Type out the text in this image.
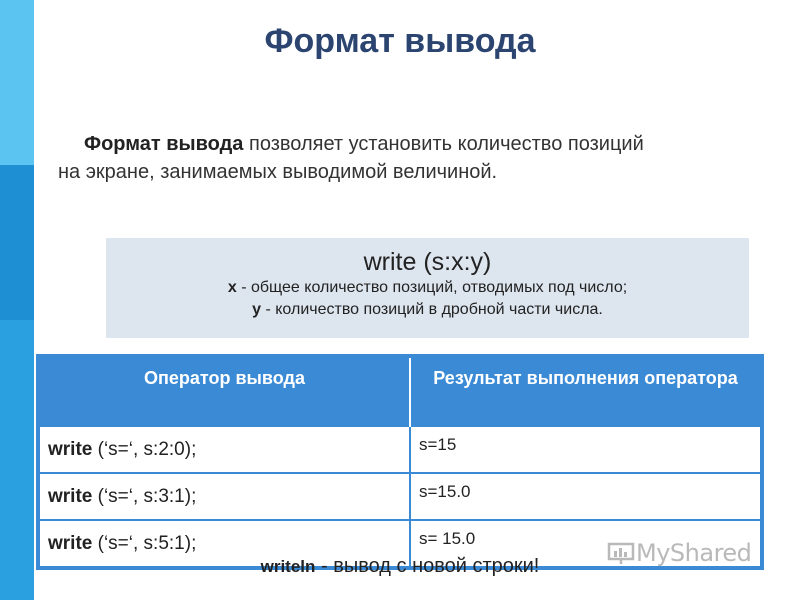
Формат вывода
Формат вывода позволяет установить количество позиций
на экране, занимаемых выводимой величиной.
write (s:x:y)
x - общее количество позиций, отводимых под число;
y - количество позиций в дробной части числа.
Оператор вывода	Результат выполнения оператора
write (‘s=‘, s:2:0);	s=15
write (‘s=‘, s:3:1);	s=15.0
write (‘s=‘, s:5:1);	s= 15.0
writeln - вывод с новой строки!	MyShared
